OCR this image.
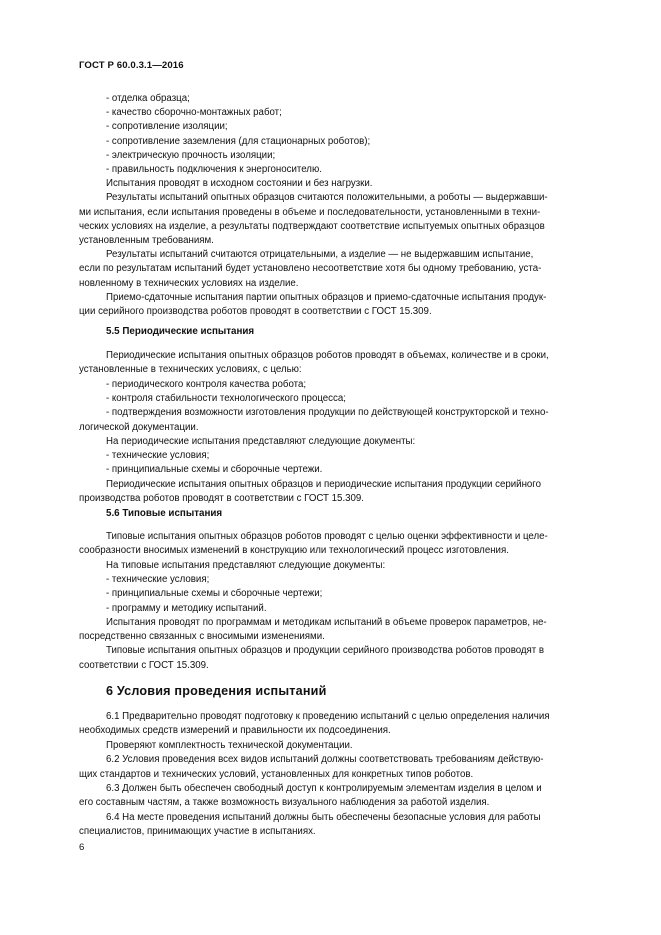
ГОСТ Р 60.0.3.1—2016
- отделка образца;
- качество сборочно-монтажных работ;
- сопротивление изоляции;
- сопротивление заземления (для стационарных роботов);
- электрическую прочность изоляции;
- правильность подключения к энергоносителю.
Испытания проводят в исходном состоянии и без нагрузки.
Результаты испытаний опытных образцов считаются положительными, а роботы — выдержавши-
ми испытания, если испытания проведены в объеме и последовательности, установленными в техни-
ческих условиях на изделие, а результаты подтверждают соответствие испытуемых опытных образцов
установленным требованиям.
Результаты испытаний считаются отрицательными, а изделие — не выдержавшим испытание,
если по результатам испытаний будет установлено несоответствие хотя бы одному требованию, уста-
новленному в технических условиях на изделие.
Приемо-сдаточные испытания партии опытных образцов и приемо-сдаточные испытания продук-
ции серийного производства роботов проводят в соответствии с ГОСТ 15.309.
5.5 Периодические испытания
Периодические испытания опытных образцов роботов проводят в объемах, количестве и в сроки,
установленные в технических условиях, с целью:
- периодического контроля качества робота;
- контроля стабильности технологического процесса;
- подтверждения возможности изготовления продукции по действующей конструкторской и техно-
логической документации.
На периодические испытания представляют следующие документы:
- технические условия;
- принципиальные схемы и сборочные чертежи.
Периодические испытания опытных образцов и периодические испытания продукции серийного
производства роботов проводят в соответствии с ГОСТ 15.309.
5.6 Типовые испытания
Типовые испытания опытных образцов роботов проводят с целью оценки эффективности и целе-
сообразности вносимых изменений в конструкцию или технологический процесс изготовления.
На типовые испытания представляют следующие документы:
- технические условия;
- принципиальные схемы и сборочные чертежи;
- программу и методику испытаний.
Испытания проводят по программам и методикам испытаний в объеме проверок параметров, не-
посредственно связанных с вносимыми изменениями.
Типовые испытания опытных образцов и продукции серийного производства роботов проводят в
соответствии с ГОСТ 15.309.
6 Условия проведения испытаний
6.1 Предварительно проводят подготовку к проведению испытаний с целью определения наличия
необходимых средств измерений и правильности их подсоединения.
Проверяют комплектность технической документации.
6.2 Условия проведения всех видов испытаний должны соответствовать требованиям действую-
щих стандартов и технических условий, установленных для конкретных типов роботов.
6.3 Должен быть обеспечен свободный доступ к контролируемым элементам изделия в целом и
его составным частям, а также возможность визуального наблюдения за работой изделия.
6.4 На месте проведения испытаний должны быть обеспечены безопасные условия для работы
специалистов, принимающих участие в испытаниях.
6
